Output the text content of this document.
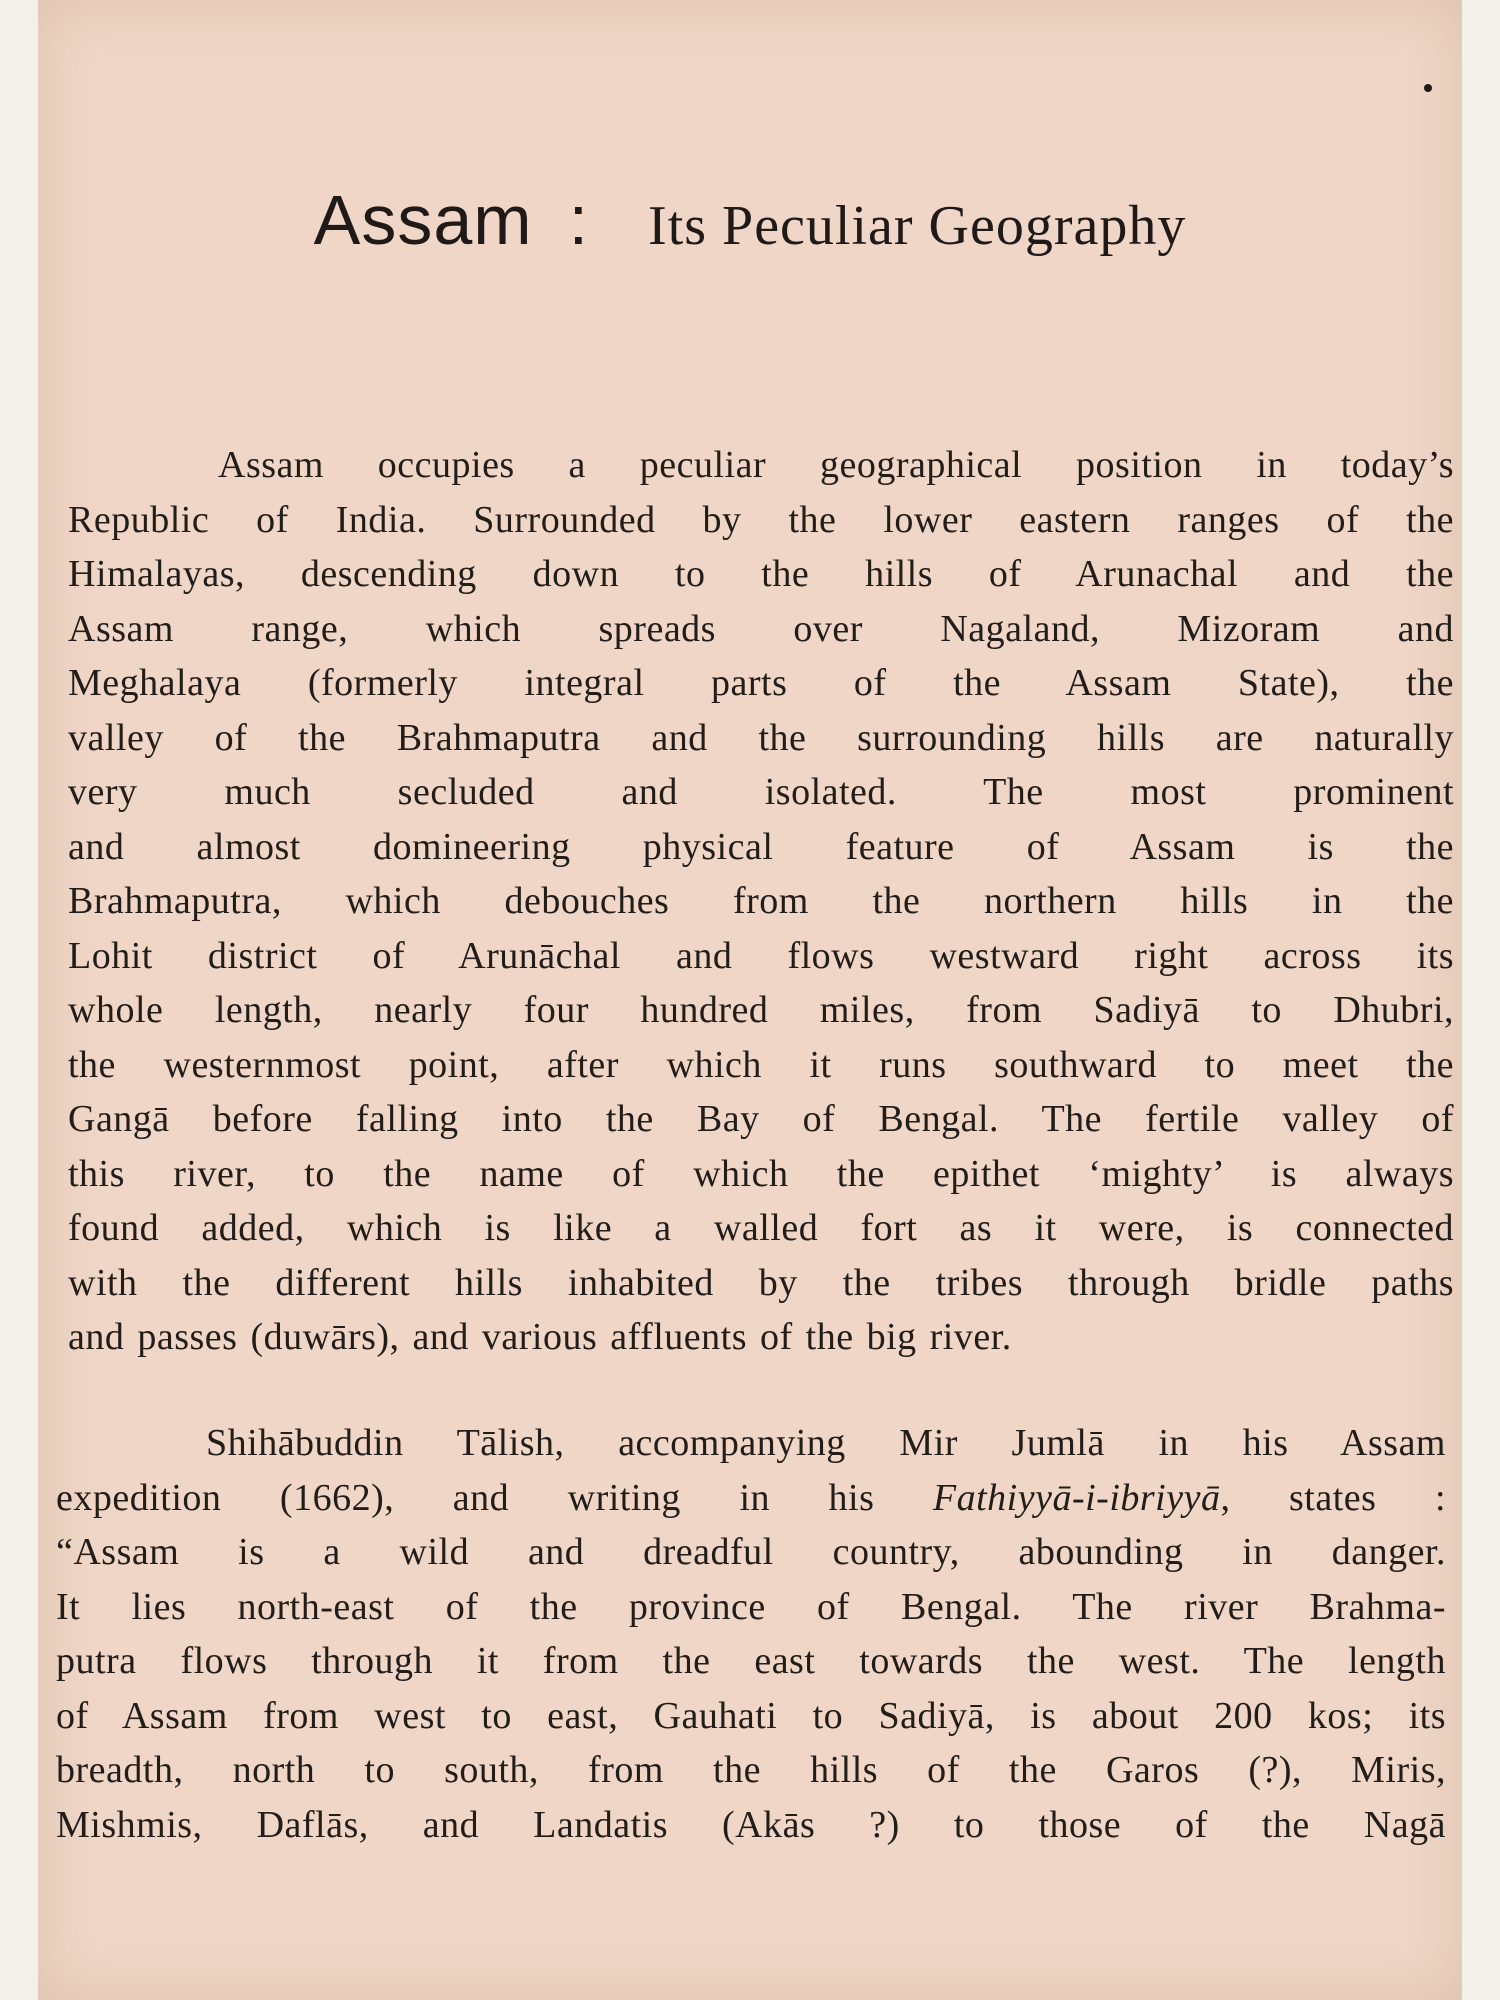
Assam : Its Peculiar Geography
Assam occupies a peculiar geographical position in today’s
Republic of India. Surrounded by the lower eastern ranges of the
Himalayas, descending down to the hills of Arunachal and the
Assam range, which spreads over Nagaland, Mizoram and
Meghalaya (formerly integral parts of the Assam State), the
valley of the Brahmaputra and the surrounding hills are naturally
very much secluded and isolated. The most prominent
and almost domineering physical feature of Assam is the
Brahmaputra, which debouches from the northern hills in the
Lohit district of Arunāchal and flows westward right across its
whole length, nearly four hundred miles, from Sadiyā to Dhubri,
the westernmost point, after which it runs southward to meet the
Gangā before falling into the Bay of Bengal. The fertile valley of
this river, to the name of which the epithet ‘mighty’ is always
found added, which is like a walled fort as it were, is connected
with the different hills inhabited by the tribes through bridle paths
and passes (duwārs), and various affluents of the big river.
Shihābuddin Tālish, accompanying Mir Jumlā in his Assam
expedition (1662), and writing in his Fathiyyā-i-ibriyyā, states :
“Assam is a wild and dreadful country, abounding in danger.
It lies north-east of the province of Bengal. The river Brahma-
putra flows through it from the east towards the west. The length
of Assam from west to east, Gauhati to Sadiyā, is about 200 kos; its
breadth, north to south, from the hills of the Garos (?), Miris,
Mishmis, Daflās, and Landatis (Akās ?) to those of the Nagā
